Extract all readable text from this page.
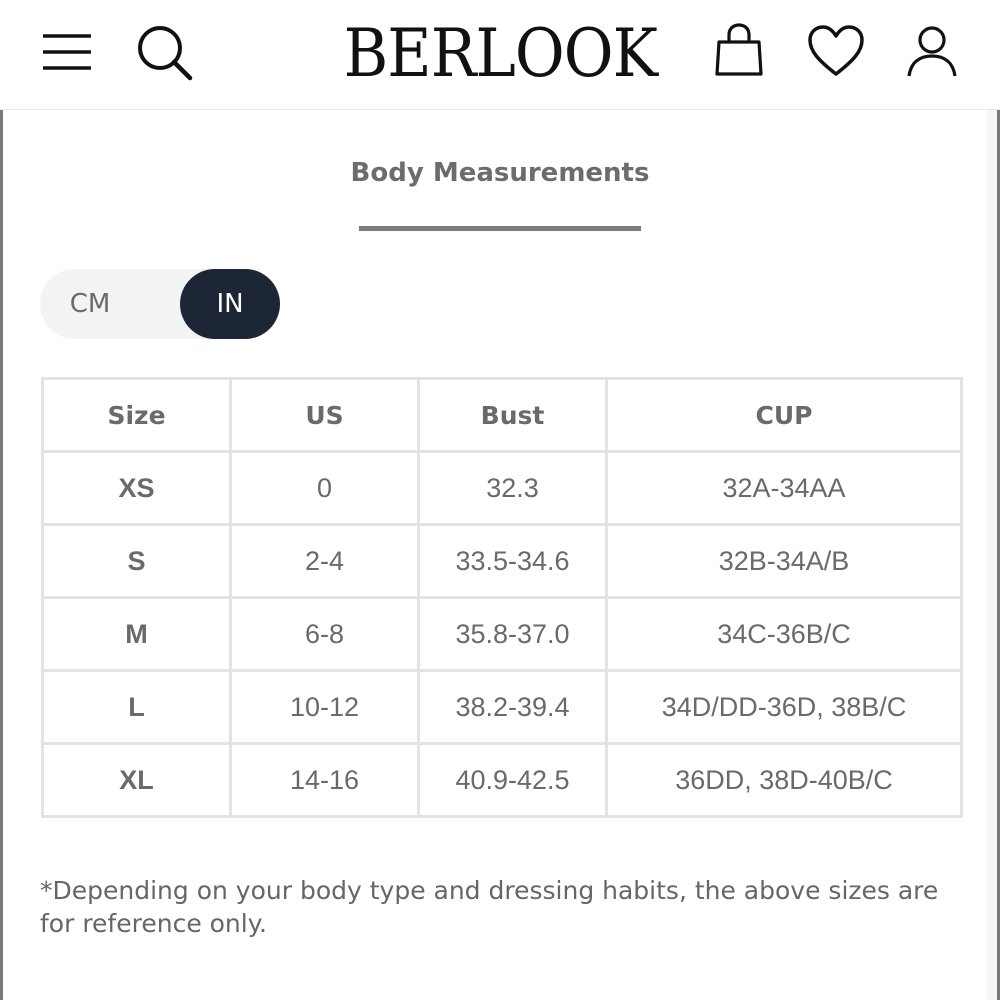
BERLOOK
Body Measurements
CM	IN
Size	US	Bust	CUP
XS	0	32.3	32A-34AA
S	2-4	33.5-34.6	32B-34A/B
M	6-8	35.8-37.0	34C-36B/C
L	10-12	38.2-39.4	34D/DD-36D, 38B/C
XL	14-16	40.9-42.5	36DD, 38D-40B/C
*Depending on your body type and dressing habits, the above sizes are for reference only.
